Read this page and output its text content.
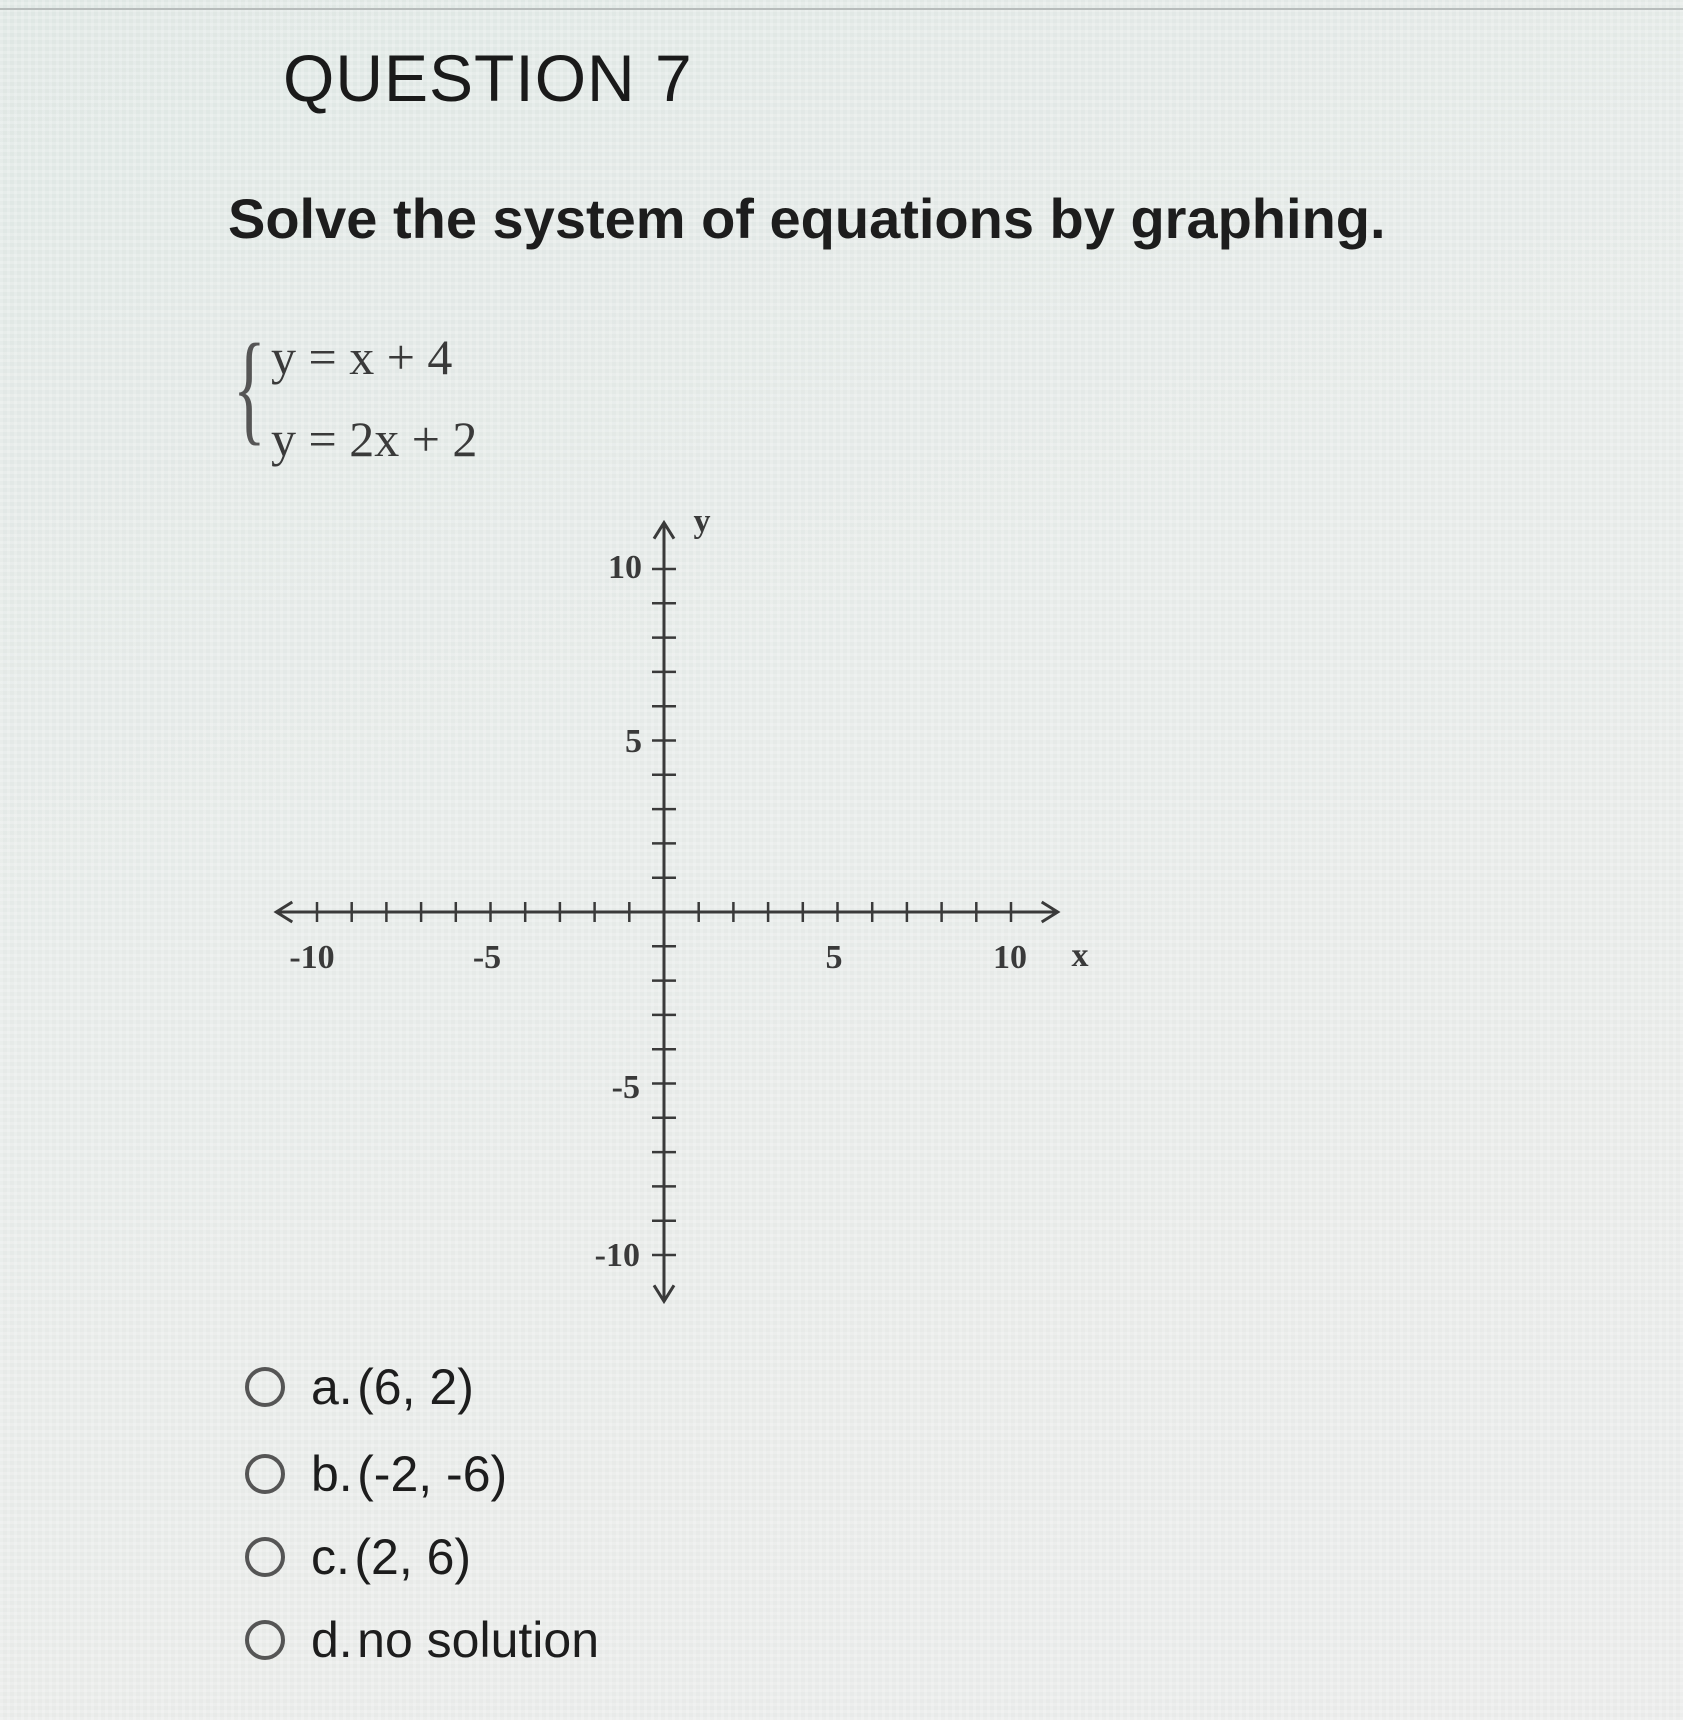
QUESTION 7
Solve the system of equations by graphing.
{ y = x + 4
y = 2x + 2
-10	-5	5	10 x
10
5
-5
-10
y
a.
(6, 2)
b.
(-2, -6)
c.
(2, 6)
d.
no solution
